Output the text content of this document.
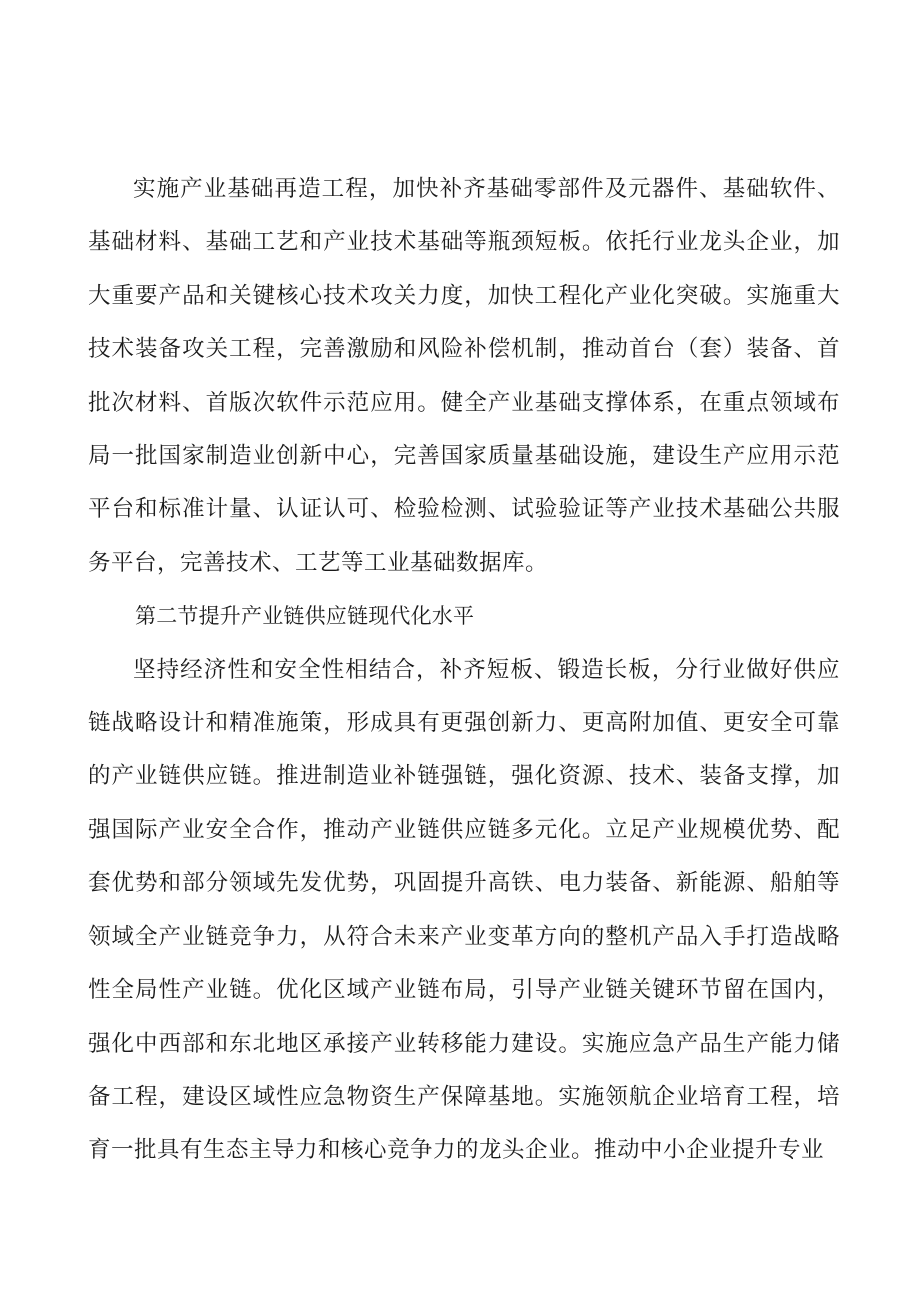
实施产业基础再造工程，加快补齐基础零部件及元器件、基础软件、基础材料、基础工艺和产业技术基础等瓶颈短板。依托行业龙头企业，加大重要产品和关键核心技术攻关力度，加快工程化产业化突破。实施重大技术装备攻关工程，完善激励和风险补偿机制，推动首台（套）装备、首批次材料、首版次软件示范应用。健全产业基础支撑体系，在重点领域布局一批国家制造业创新中心，完善国家质量基础设施，建设生产应用示范平台和标准计量、认证认可、检验检测、试验验证等产业技术基础公共服务平台，完善技术、工艺等工业基础数据库。

第二节提升产业链供应链现代化水平

坚持经济性和安全性相结合，补齐短板、锻造长板，分行业做好供应链战略设计和精准施策，形成具有更强创新力、更高附加值、更安全可靠的产业链供应链。推进制造业补链强链，强化资源、技术、装备支撑，加强国际产业安全合作，推动产业链供应链多元化。立足产业规模优势、配套优势和部分领域先发优势，巩固提升高铁、电力装备、新能源、船舶等领域全产业链竞争力，从符合未来产业变革方向的整机产品入手打造战略性全局性产业链。优化区域产业链布局，引导产业链关键环节留在国内，强化中西部和东北地区承接产业转移能力建设。实施应急产品生产能力储备工程，建设区域性应急物资生产保障基地。实施领航企业培育工程，培育一批具有生态主导力和核心竞争力的龙头企业。推动中小企业提升专业
